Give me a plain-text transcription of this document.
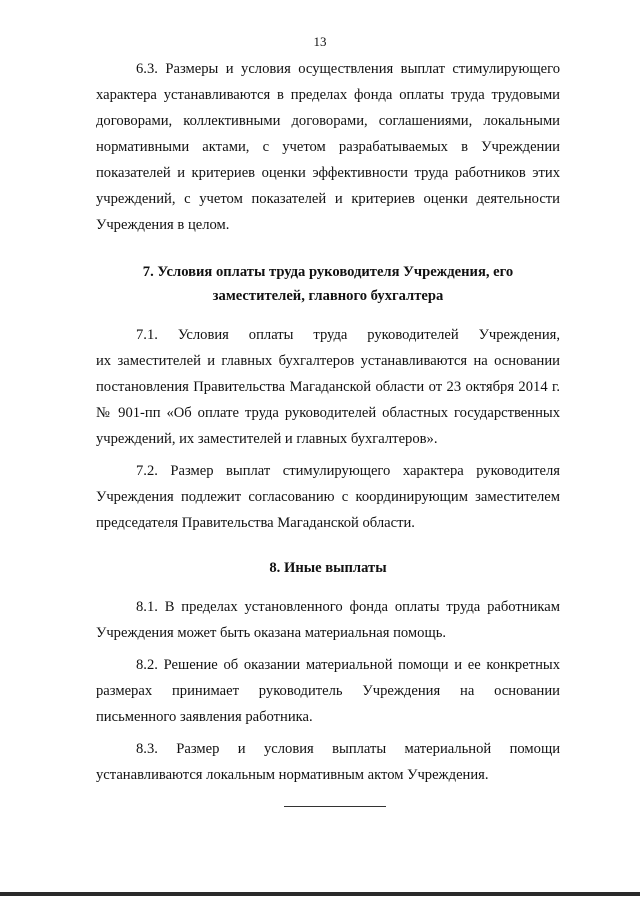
13

6.3. Размеры и условия осуществления выплат стимулирующего характера устанавливаются в пределах фонда оплаты труда трудовыми договорами, коллективными договорами, соглашениями, локальными нормативными актами, с учетом разрабатываемых в Учреждении показателей и критериев оценки эффективности труда работников этих учреждений, с учетом показателей и критериев оценки деятельности Учреждения в целом.

7. Условия оплаты труда руководителя Учреждения, его заместителей, главного бухгалтера

7.1. Условия оплаты труда руководителей Учреждения,

их заместителей и главных бухгалтеров устанавливаются на основании постановления Правительства Магаданской области от 23 октября 2014 г. № 901-пп «Об оплате труда руководителей областных государственных учреждений, их заместителей и главных бухгалтеров».

7.2. Размер выплат стимулирующего характера руководителя Учреждения подлежит согласованию с координирующим заместителем председателя Правительства Магаданской области.

8. Иные выплаты

8.1. В пределах установленного фонда оплаты труда работникам Учреждения может быть оказана материальная помощь.

8.2. Решение об оказании материальной помощи и ее конкретных размерах принимает руководитель Учреждения на основании письменного заявления работника.

8.3. Размер и условия выплаты материальной помощи

устанавливаются локальным нормативным актом Учреждения.
